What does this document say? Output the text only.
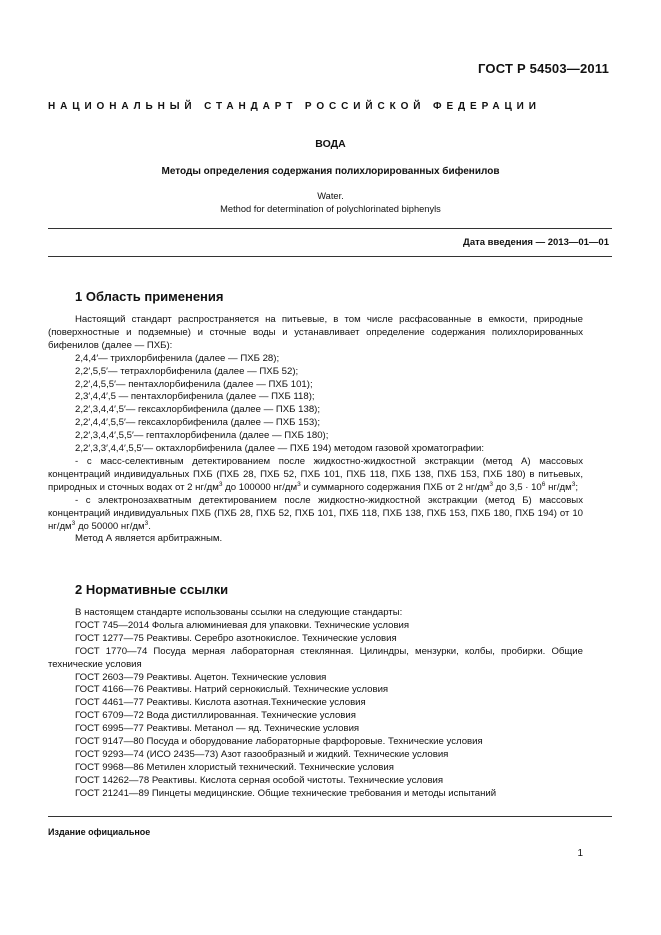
ГОСТ Р 54503—2011
НАЦИОНАЛЬНЫЙ СТАНДАРТ РОССИЙСКОЙ ФЕДЕРАЦИИ
ВОДА
Методы определения содержания полихлорированных бифенилов
Water.
Method for determination of polychlorinated biphenyls
Дата введения — 2013—01—01
1 Область применения

Настоящий стандарт распространяется на питьевые, в том числе расфасованные в емкости, природные (поверхностные и подземные) и сточные воды и устанавливает определение содержания полихлорированных бифенилов (далее — ПХБ):

2,4,4′— трихлорбифенила (далее — ПХБ 28);

2,2′,5,5′— тетрахлорбифенила (далее — ПХБ 52);

2,2′,4,5,5′— пентахлорбифенила (далее — ПХБ 101);

2,3′,4,4′,5 — пентахлорбифенила (далее — ПХБ 118);

2,2′,3,4,4′,5′— гексахлорбифенила (далее — ПХБ 138);

2,2′,4,4′,5,5′— гексахлорбифенила (далее — ПХБ 153);

2,2′,3,4,4′,5,5′— гептахлорбифенила (далее — ПХБ 180);

2,2′,3,3′,4,4′,5,5′— октахлорбифенила (далее — ПХБ 194) методом газовой хроматографии:

- с масс-селективным детектированием после жидкостно-жидкостной экстракции (метод А) массовых концентраций индивидуальных ПХБ (ПХБ 28, ПХБ 52, ПХБ 101, ПХБ 118, ПХБ 138, ПХБ 153, ПХБ 180) в питьевых, природных и сточных водах от 2 $нг/дм^3$ до 100000 $нг/дм^3$ и суммарного содержания ПХБ от 2 $нг/дм^3$ до $3,5 \cdot 10^6$ $нг/дм^3$;

- с электронозахватным детектированием после жидкостно-жидкостной экстракции (метод Б) массовых концентраций индивидуальных ПХБ (ПХБ 28, ПХБ 52, ПХБ 101, ПХБ 118, ПХБ 138, ПХБ 153, ПХБ 180, ПХБ 194) от 10 $нг/дм^3$ до 50000 $нг/дм^3$.

Метод А является арбитражным.

2 Нормативные ссылки

В настоящем стандарте использованы ссылки на следующие стандарты:

ГОСТ 745—2014 Фольга алюминиевая для упаковки. Технические условия

ГОСТ 1277—75 Реактивы. Серебро азотнокислое. Технические условия

ГОСТ 1770—74 Посуда мерная лабораторная стеклянная. Цилиндры, мензурки, колбы, пробирки. Общие технические условия

ГОСТ 2603—79 Реактивы. Ацетон. Технические условия

ГОСТ 4166—76 Реактивы. Натрий сернокислый. Технические условия

ГОСТ 4461—77 Реактивы. Кислота азотная.Технические условия

ГОСТ 6709—72 Вода дистиллированная. Технические условия

ГОСТ 6995—77 Реактивы. Метанол — яд. Технические условия

ГОСТ 9147—80 Посуда и оборудование лабораторные фарфоровые. Технические условия

ГОСТ 9293—74 (ИСО 2435—73) Азот газообразный и жидкий. Технические условия

ГОСТ 9968—86 Метилен хлористый технический. Технические условия

ГОСТ 14262—78 Реактивы. Кислота серная особой чистоты. Технические условия

ГОСТ 21241—89 Пинцеты медицинские. Общие технические требования и методы испытаний

Издание официальное
1
